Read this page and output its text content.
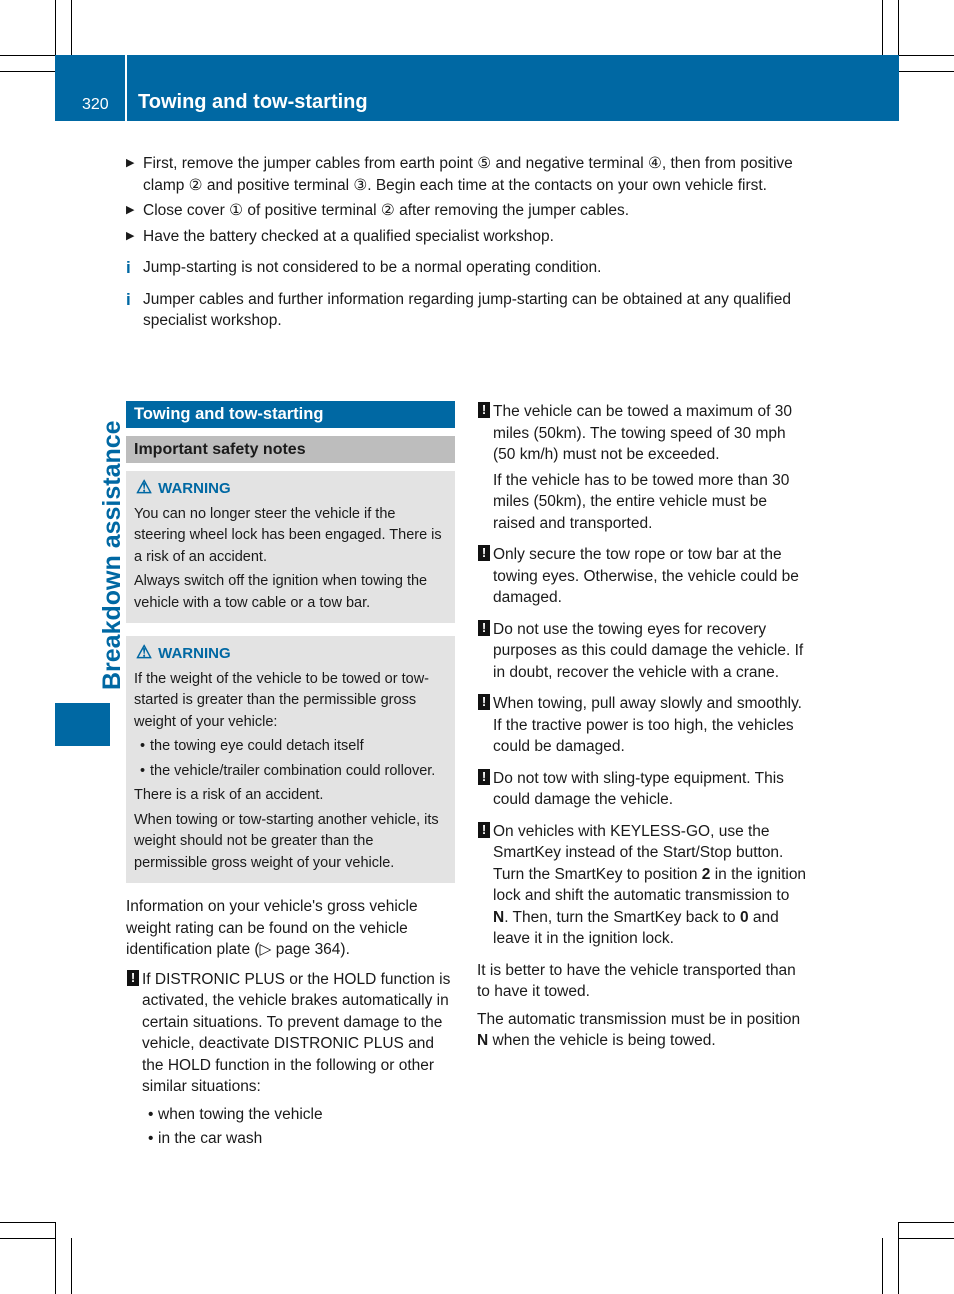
320 Towing and tow-starting
Breakdown assistance
▶ First, remove the jumper cables from earth point ⑤ and negative terminal ④, then from positive clamp ② and positive terminal ③. Begin each time at the contacts on your own vehicle first.
▶ Close cover ① of positive terminal ② after removing the jumper cables.
▶ Have the battery checked at a qualified specialist workshop.
i Jump-starting is not considered to be a normal operating condition.
i Jumper cables and further information regarding jump-starting can be obtained at any qualified specialist workshop.
Towing and tow-starting
Important safety notes
⚠ WARNING

You can no longer steer the vehicle if the steering wheel lock has been engaged. There is a risk of an accident.

Always switch off the ignition when towing the vehicle with a tow cable or a tow bar.

⚠ WARNING

If the weight of the vehicle to be towed or tow-started is greater than the permissible gross weight of your vehicle:

• the towing eye could detach itself

• the vehicle/trailer combination could rollover.

There is a risk of an accident.

When towing or tow-starting another vehicle, its weight should not be greater than the permissible gross weight of your vehicle.

Information on your vehicle's gross vehicle weight rating can be found on the vehicle identification plate (▷ page 364).

! If DISTRONIC PLUS or the HOLD function is activated, the vehicle brakes automatically in certain situations. To prevent damage to the vehicle, deactivate DISTRONIC PLUS and the HOLD function in the following or other similar situations:

• when towing the vehicle

• in the car wash

! The vehicle can be towed a maximum of 30 miles (50km). The towing speed of 30 mph (50 km/h) must not be exceeded.
If the vehicle has to be towed more than 30 miles (50km), the entire vehicle must be raised and transported.
! Only secure the tow rope or tow bar at the towing eyes. Otherwise, the vehicle could be damaged.
! Do not use the towing eyes for recovery purposes as this could damage the vehicle. If in doubt, recover the vehicle with a crane.
! When towing, pull away slowly and smoothly. If the tractive power is too high, the vehicles could be damaged.
! Do not tow with sling-type equipment. This could damage the vehicle.
! On vehicles with KEYLESS-GO, use the SmartKey instead of the Start/Stop button. Turn the SmartKey to position 2 in the ignition lock and shift the automatic transmission to N. Then, turn the SmartKey back to 0 and leave it in the ignition lock.

It is better to have the vehicle transported than to have it towed.

The automatic transmission must be in position N when the vehicle is being towed.
